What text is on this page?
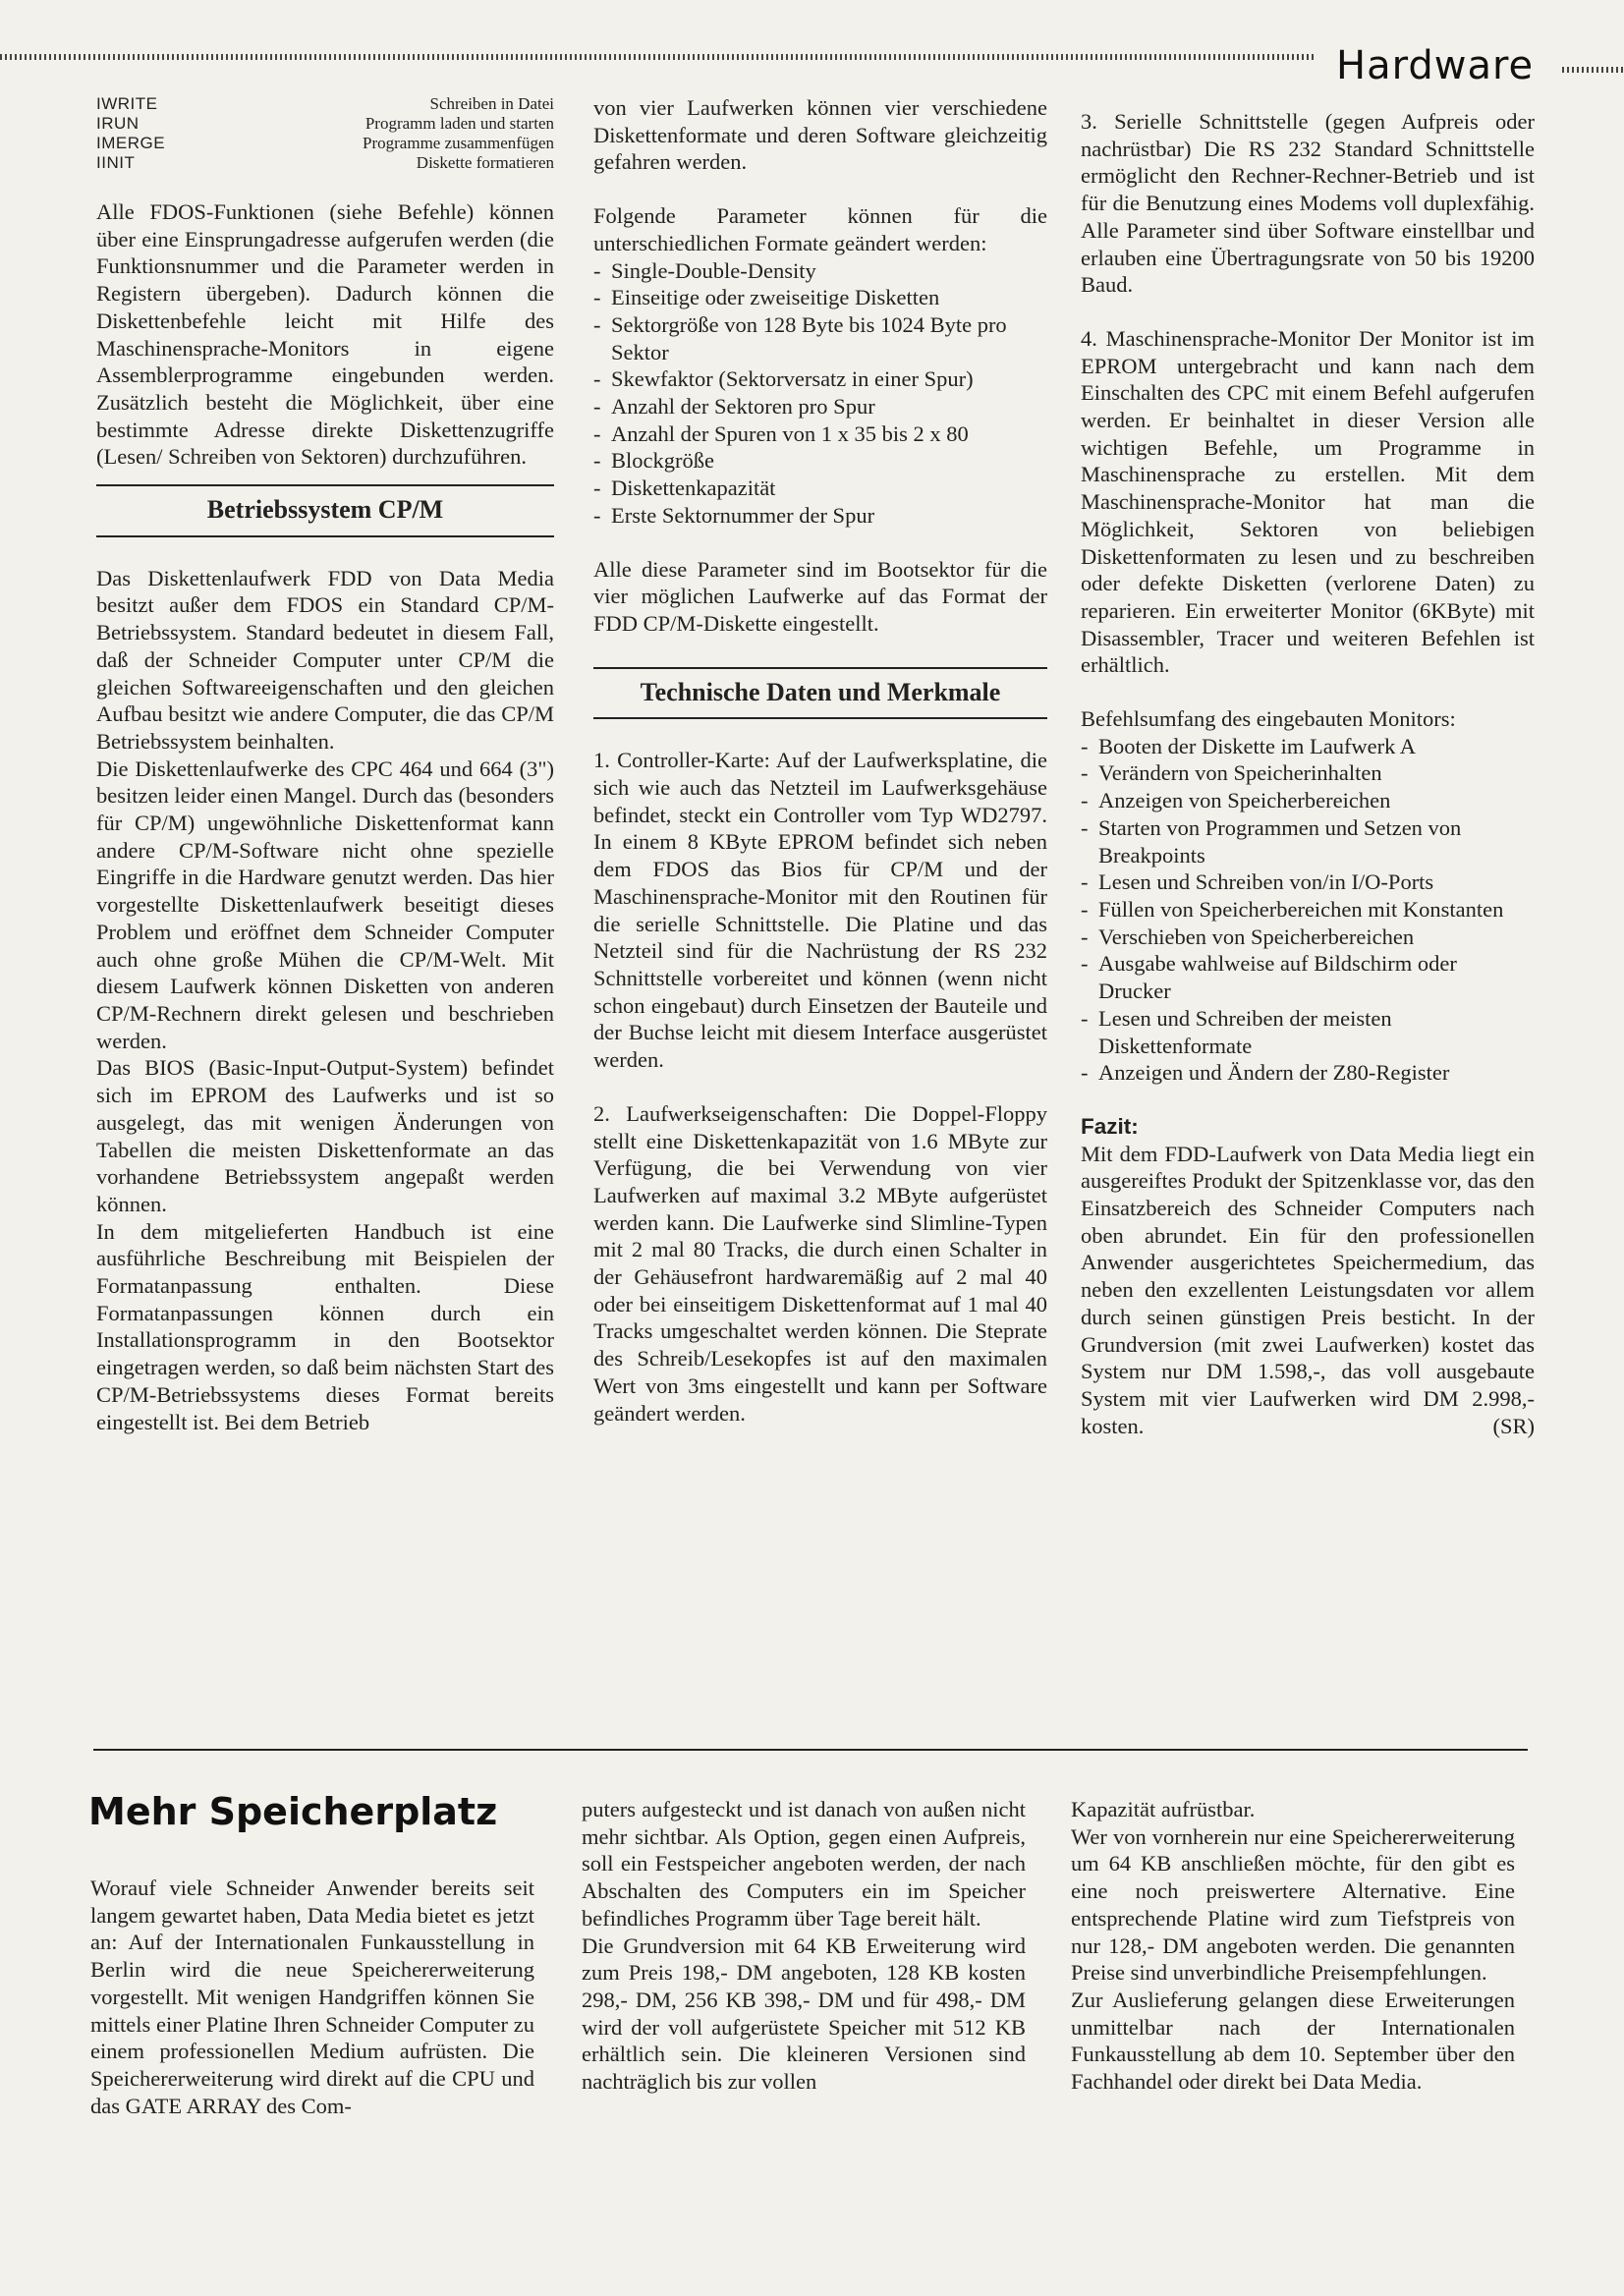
Hardware
IWRITE	Schreiben in Datei
IRUN	Programm laden und starten
IMERGE	Programme zusammenfügen
IINIT	Diskette formatieren

Alle FDOS-Funktionen (siehe Befehle) können über eine Einsprungadresse aufgerufen werden (die Funktionsnummer und die Parameter werden in Registern übergeben). Dadurch können die Diskettenbefehle leicht mit Hilfe des Maschinensprache-Monitors in eigene Assemblerprogramme eingebunden werden. Zusätzlich besteht die Möglichkeit, über eine bestimmte Adresse direkte Diskettenzugriffe (Lesen/ Schreiben von Sektoren) durchzuführen.

Betriebssystem CP/M

Das Diskettenlaufwerk FDD von Data Media besitzt außer dem FDOS ein Standard CP/M-Betriebssystem. Standard bedeutet in diesem Fall, daß der Schneider Computer unter CP/M die gleichen Softwareeigenschaften und den gleichen Aufbau besitzt wie andere Computer, die das CP/M Betriebssystem beinhalten.

Die Diskettenlaufwerke des CPC 464 und 664 (3") besitzen leider einen Mangel. Durch das (besonders für CP/M) ungewöhnliche Diskettenformat kann andere CP/M-Software nicht ohne spezielle Eingriffe in die Hardware genutzt werden. Das hier vorgestellte Diskettenlaufwerk beseitigt dieses Problem und eröffnet dem Schneider Computer auch ohne große Mühen die CP/M-Welt. Mit diesem Laufwerk können Disketten von anderen CP/M-Rechnern direkt gelesen und beschrieben werden.

Das BIOS (Basic-Input-Output-System) befindet sich im EPROM des Laufwerks und ist so ausgelegt, das mit wenigen Änderungen von Tabellen die meisten Diskettenformate an das vorhandene Betriebssystem angepaßt werden können.

In dem mitgelieferten Handbuch ist eine ausführliche Beschreibung mit Beispielen der Formatanpassung enthalten. Diese Formatanpassungen können durch ein Installationsprogramm in den Bootsektor eingetragen werden, so daß beim nächsten Start des CP/M-Betriebssystems dieses Format bereits eingestellt ist. Bei dem Betrieb

von vier Laufwerken können vier verschiedene Diskettenformate und deren Software gleichzeitig gefahren werden.

Folgende Parameter können für die unterschiedlichen Formate geändert werden:

- Single-Double-Density
- Einseitige oder zweiseitige Disketten
- Sektorgröße von 128 Byte bis 1024 Byte pro Sektor
- Skewfaktor (Sektorversatz in einer Spur)
- Anzahl der Sektoren pro Spur
- Anzahl der Spuren von 1 x 35 bis 2 x 80
- Blockgröße
- Diskettenkapazität
- Erste Sektornummer der Spur

Alle diese Parameter sind im Bootsektor für die vier möglichen Laufwerke auf das Format der FDD CP/M-Diskette eingestellt.

Technische Daten und Merkmale

1. Controller-Karte: Auf der Laufwerksplatine, die sich wie auch das Netzteil im Laufwerksgehäuse befindet, steckt ein Controller vom Typ WD2797. In einem 8 KByte EPROM befindet sich neben dem FDOS das Bios für CP/M und der Maschinensprache-Monitor mit den Routinen für die serielle Schnittstelle. Die Platine und das Netzteil sind für die Nachrüstung der RS 232 Schnittstelle vorbereitet und können (wenn nicht schon eingebaut) durch Einsetzen der Bauteile und der Buchse leicht mit diesem Interface ausgerüstet werden.

2. Laufwerkseigenschaften: Die Doppel-Floppy stellt eine Diskettenkapazität von 1.6 MByte zur Verfügung, die bei Verwendung von vier Laufwerken auf maximal 3.2 MByte aufgerüstet werden kann. Die Laufwerke sind Slimline-Typen mit 2 mal 80 Tracks, die durch einen Schalter in der Gehäusefront hardwaremäßig auf 2 mal 40 oder bei einseitigem Diskettenformat auf 1 mal 40 Tracks umgeschaltet werden können. Die Steprate des Schreib/Lesekopfes ist auf den maximalen Wert von 3ms eingestellt und kann per Software geändert werden.

3. Serielle Schnittstelle (gegen Aufpreis oder nachrüstbar) Die RS 232 Standard Schnittstelle ermöglicht den Rechner-Rechner-Betrieb und ist für die Benutzung eines Modems voll duplexfähig. Alle Parameter sind über Software einstellbar und erlauben eine Übertragungsrate von 50 bis 19200 Baud.

4. Maschinensprache-Monitor Der Monitor ist im EPROM untergebracht und kann nach dem Einschalten des CPC mit einem Befehl aufgerufen werden. Er beinhaltet in dieser Version alle wichtigen Befehle, um Programme in Maschinensprache zu erstellen. Mit dem Maschinensprache-Monitor hat man die Möglichkeit, Sektoren von beliebigen Diskettenformaten zu lesen und zu beschreiben oder defekte Disketten (verlorene Daten) zu reparieren. Ein erweiterter Monitor (6KByte) mit Disassembler, Tracer und weiteren Befehlen ist erhältlich.

Befehlsumfang des eingebauten Monitors:

- Booten der Diskette im Laufwerk A
- Verändern von Speicherinhalten
- Anzeigen von Speicherbereichen
- Starten von Programmen und Setzen von Breakpoints
- Lesen und Schreiben von/in I/O-Ports
- Füllen von Speicherbereichen mit Konstanten
- Verschieben von Speicherbereichen
- Ausgabe wahlweise auf Bildschirm oder Drucker
- Lesen und Schreiben der meisten Diskettenformate
- Anzeigen und Ändern der Z80-Register
Fazit:

Mit dem FDD-Laufwerk von Data Media liegt ein ausgereiftes Produkt der Spitzenklasse vor, das den Einsatzbereich des Schneider Computers nach oben abrundet. Ein für den professionellen Anwender ausgerichtetes Speichermedium, das neben den exzellenten Leistungsdaten vor allem durch seinen günstigen Preis besticht. In der Grundversion (mit zwei Laufwerken) kostet das System nur DM 1.598,-, das voll ausgebaute System mit vier Laufwerken wird DM 2.998,- kosten.	(SR)

Mehr Speicherplatz

Worauf viele Schneider Anwender bereits seit langem gewartet haben, Data Media bietet es jetzt an: Auf der Internationalen Funkausstellung in Berlin wird die neue Speichererweiterung vorgestellt. Mit wenigen Handgriffen können Sie mittels einer Platine Ihren Schneider Computer zu einem professionellen Medium aufrüsten. Die Speichererweiterung wird direkt auf die CPU und das GATE ARRAY des Com-

puters aufgesteckt und ist danach von außen nicht mehr sichtbar. Als Option, gegen einen Aufpreis, soll ein Festspeicher angeboten werden, der nach Abschalten des Computers ein im Speicher befindliches Programm über Tage bereit hält.

Die Grundversion mit 64 KB Erweiterung wird zum Preis 198,- DM angeboten, 128 KB kosten 298,- DM, 256 KB 398,- DM und für 498,- DM wird der voll aufgerüstete Speicher mit 512 KB erhältlich sein. Die kleineren Versionen sind nachträglich bis zur vollen

Kapazität aufrüstbar.

Wer von vornherein nur eine Speichererweiterung um 64 KB anschließen möchte, für den gibt es eine noch preiswertere Alternative. Eine entsprechende Platine wird zum Tiefstpreis von nur 128,- DM angeboten werden. Die genannten Preise sind unverbindliche Preisempfehlungen.

Zur Auslieferung gelangen diese Erweiterungen unmittelbar nach der Internationalen Funkausstellung ab dem 10. September über den Fachhandel oder direkt bei Data Media.
